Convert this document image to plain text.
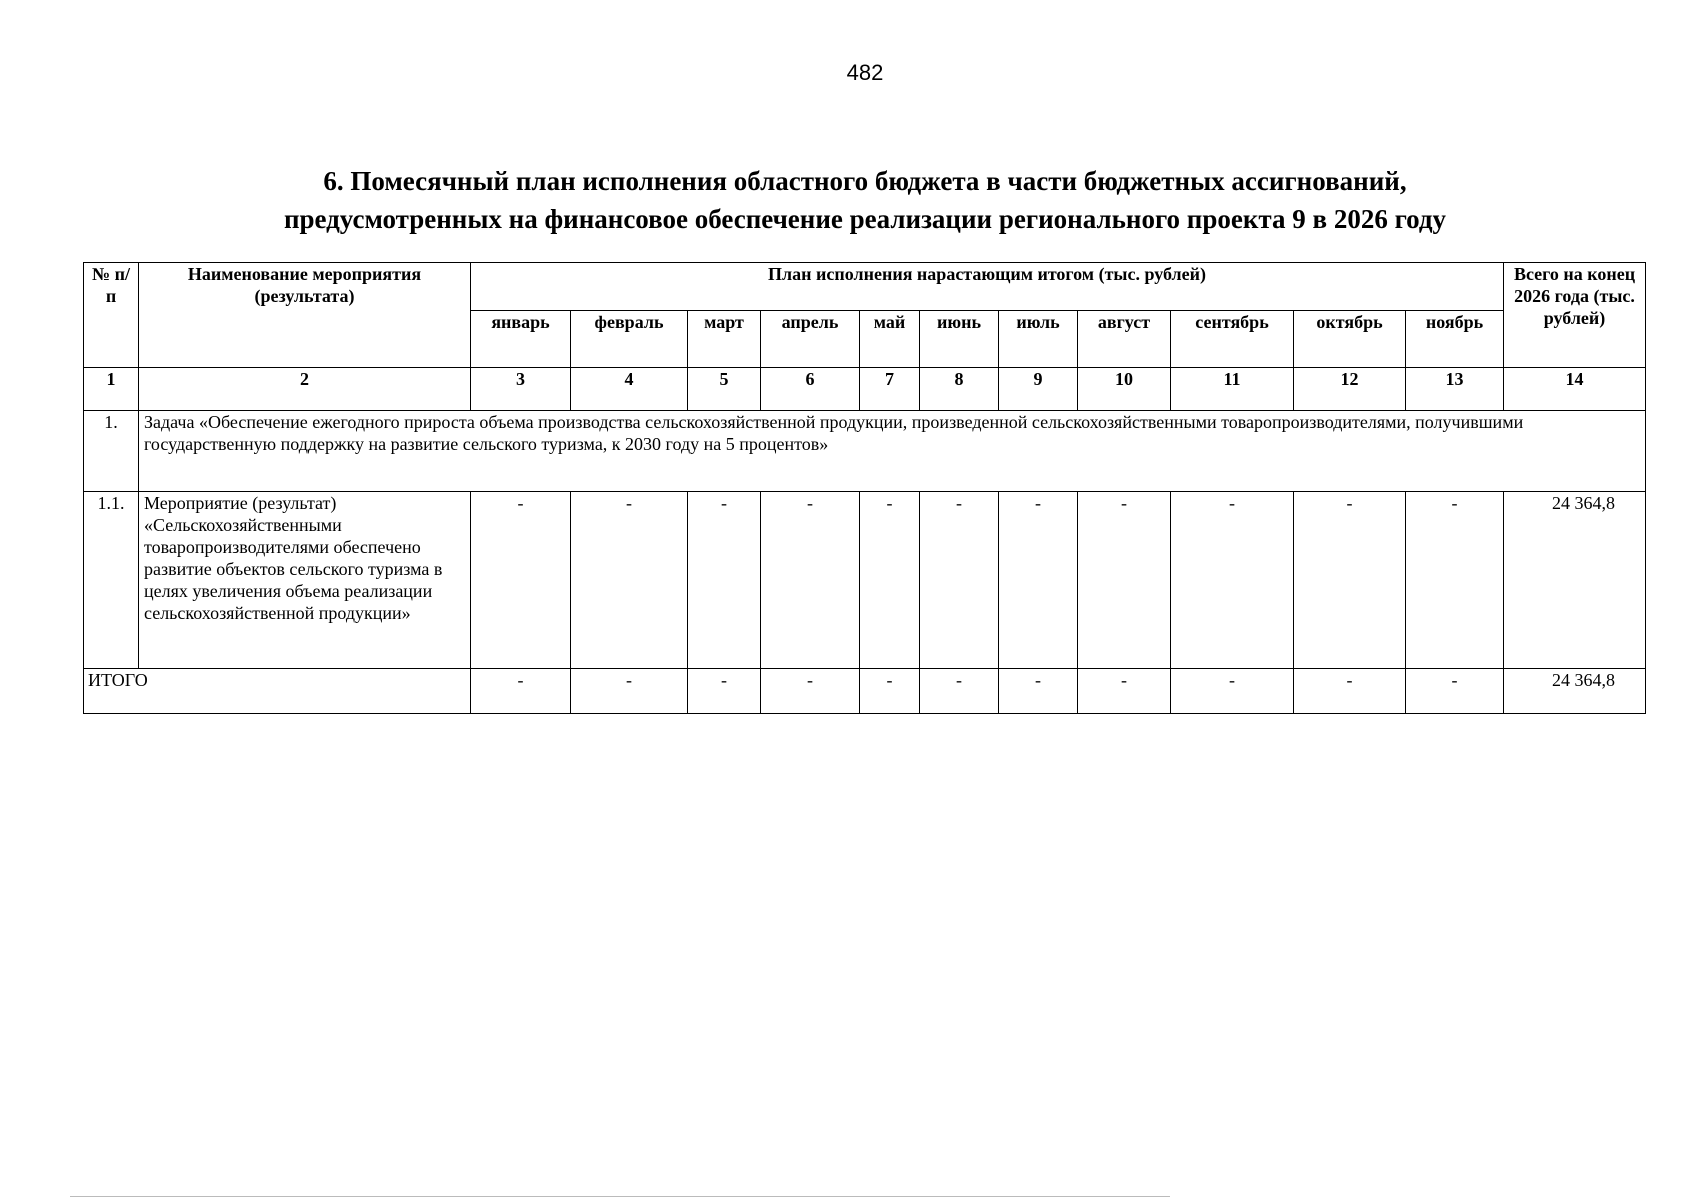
482
6. Помесячный план исполнения областного бюджета в части бюджетных ассигнований,
предусмотренных на финансовое обеспечение реализации регионального проекта 9 в 2026 году
№ п/п	Наименование мероприятия (результата)	План исполнения нарастающим итогом (тыс. рублей)											Всего на конец 2026 года (тыс. рублей)
		январь	февраль	март	апрель	май	июнь	июль	август	сентябрь	октябрь	ноябрь	
1	2	3	4	5	6	7	8	9	10	11	12	13	14
1.	Задача «Обеспечение ежегодного прироста объема производства сельскохозяйственной продукции, произведенной сельскохозяйственными товаропроизводителями, получившими государственную поддержку на развитие сельского туризма, к 2030 году на 5 процентов»												
1.1.	Мероприятие (результат) «Сельскохозяйственными товаропроизводителями обеспечено развитие объектов сельского туризма в целях увеличения объема реализации сельскохозяйственной продукции»	-	-	-	-	-	-	-	-	-	-	-	24 364,8
ИТОГО		-	-	-	-	-	-	-	-	-	-	-	24 364,8
